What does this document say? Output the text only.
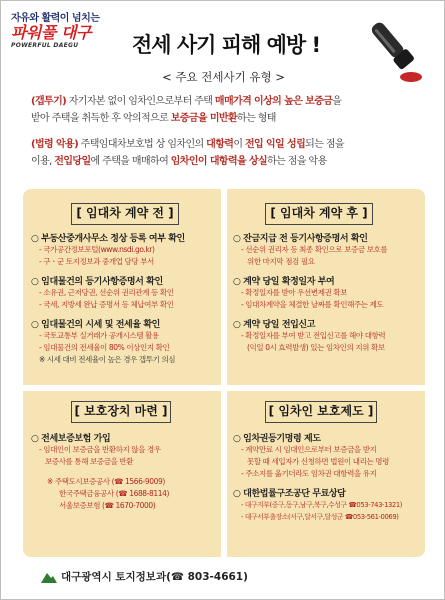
자유와 활력이 넘치는
파워풀 대구
POWERFUL DAEGU	전세 사기 피해 예방 !
< 주요 전세사기 유형 >
(갭투기) 자기자본 없이 임차인으로부터 주택 매매가격 이상의 높은 보증금을
받아 주택을 취득한 후 악의적으로 보증금을 미반환하는 형태
(법령 악용) 주택임대차보호법 상 임차인의 대항력이 전입 익일 성립되는 점을
이용, 전입당일에 주택을 매매하여 임차인이 대항력을 상실하는 점을 악용
[ 임대차 계약 전 ]
○ 부동산중개사무소 정상 등록 여부 확인
- 국가공간정보포털(www.nsdi.go.kr)
- 구ㆍ군 토지정보과 중개업 담당 부서
○ 임대물건의 등기사항증명서 확인
- 소유권, 근저당권, 선순위 권리관계 등 확인
- 국세, 지방세 완납 증명서 등 체납여부 확인
○ 임대물건의 시세 및 전세율 확인
- 국토교통부 실거래가 공개시스템 활용
- 임대물건의 전세율이 80% 이상인지 확인
※ 시세 대비 전세율이 높은 경우 갭투기 의심
[ 임대차 계약 후 ]
○ 잔금지급 전 등기사항증명서 확인
- 선순위 권리자 등 최종 확인으로 보증금 보호를
위한 마지막 점검 필요
○ 계약 당일 확정일자 부여
- 확정일자를 받아 우선변제권 확보
- 임대차계약을 체결한 날짜를 확인해주는 제도
○ 계약 당일 전입신고
- 확정일자를 부여 받고 전입신고를 해야 대항력
(익일 0시 효력발생) 있는 임차인의 지위 확보
[ 보호장치 마련 ]
○ 전세보증보험 가입
- 임대인이 보증금을 반환하지 않을 경우
보증사를 통해 보증금을 반환
※ 주택도시보증공사 (☎ 1566-9009)
한국주택금융공사 (☎ 1688-8114)
서울보증보험 (☎ 1670-7000)
[ 임차인 보호제도 ]
○ 임차권등기명령 제도
- 계약만료 시 임대인으로부터 보증금을 받지
못할 때 세입자가 신청하면 법원이 내리는 명령
- 주소지를 옮기더라도 임차권 대항력을 유지
○ 대한법률구조공단 무료상담
- 대구지부(중구,동구,남구,북구,수성구 ☎053-743-1321)
- 대구서부출장소(서구,달서구,달성군 ☎053-561-0069)
대구광역시 토지정보과(☎ 803-4661)
